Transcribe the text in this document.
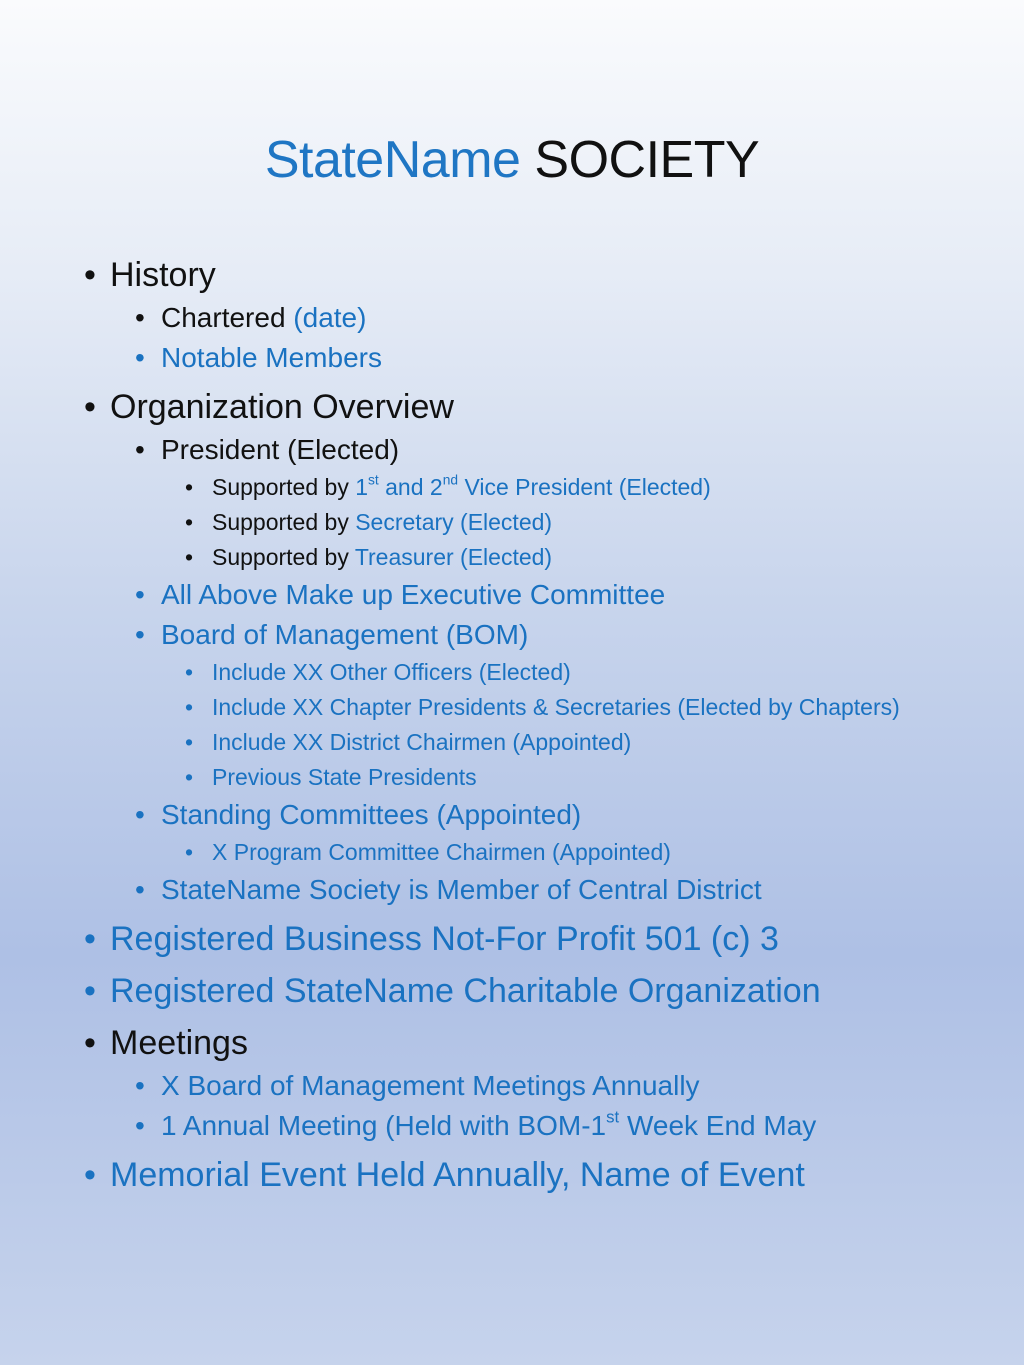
StateName SOCIETY
• History
• Chartered (date)
• Notable Members
• Organization Overview
• President (Elected)
• Supported by 1st and 2nd Vice President (Elected)
• Supported by Secretary (Elected)
• Supported by Treasurer (Elected)
• All Above Make up Executive Committee
• Board of Management (BOM)
• Include XX Other Officers (Elected)
• Include XX Chapter Presidents & Secretaries (Elected by Chapters)
• Include XX District Chairmen (Appointed)
• Previous State Presidents
• Standing Committees (Appointed)
• X Program Committee Chairmen (Appointed)
• StateName Society is Member of Central District
• Registered Business Not-For Profit 501 (c) 3
• Registered StateName Charitable Organization
• Meetings
• X Board of Management Meetings Annually
• 1 Annual Meeting (Held with BOM-1st Week End May
• Memorial Event Held Annually, Name of Event
